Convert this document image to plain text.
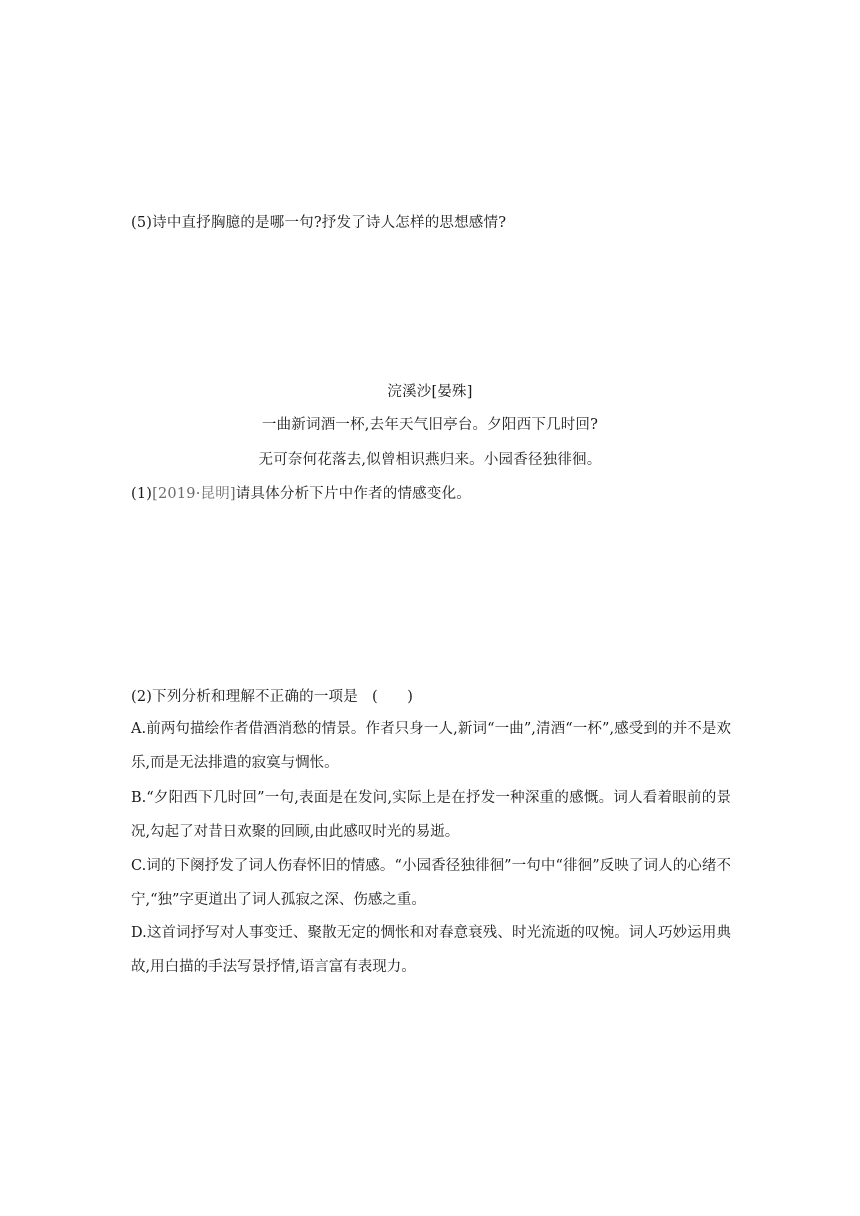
(5)诗中直抒胸臆的是哪一句?抒发了诗人怎样的思想感情?
浣溪沙[晏殊]
一曲新词酒一杯,去年天气旧亭台。夕阳西下几时回?
无可奈何花落去,似曾相识燕归来。小园香径独徘徊。
(1)[2019·昆明]请具体分析下片中作者的情感变化。
(2)下列分析和理解不正确的一项是 (　　)
A.前两句描绘作者借酒消愁的情景。作者只身一人,新词“一曲”,清酒“一杯”,感受到的并不是欢乐,而是无法排遣的寂寞与惆怅。
B.“夕阳西下几时回”一句,表面是在发问,实际上是在抒发一种深重的感慨。词人看着眼前的景况,勾起了对昔日欢聚的回顾,由此感叹时光的易逝。
C.词的下阕抒发了词人伤春怀旧的情感。“小园香径独徘徊”一句中“徘徊”反映了词人的心绪不宁,“独”字更道出了词人孤寂之深、伤感之重。
D.这首词抒写对人事变迁、聚散无定的惆怅和对春意衰残、时光流逝的叹惋。词人巧妙运用典故,用白描的手法写景抒情,语言富有表现力。
